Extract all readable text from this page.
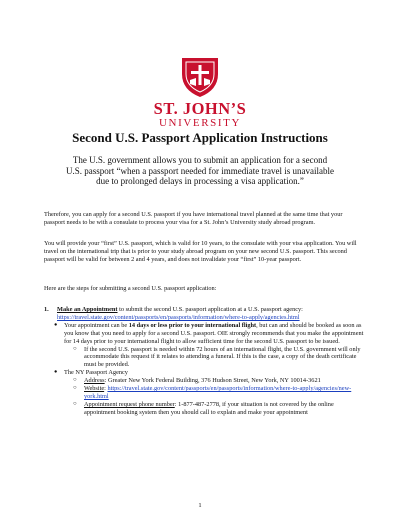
ST. JOHN’S
UNIVERSITY
Second U.S. Passport Application Instructions
The U.S. government allows you to submit an application for a second U.S. passport “when a passport needed for immediate travel is unavailable due to prolonged delays in processing a visa application.”
Therefore, you can apply for a second U.S. passport if you have international travel planned at the same time that your passport needs to be with a consulate to process your visa for a St. John’s University study abroad program.
You will provide your “first” U.S. passport, which is valid for 10 years, to the consulate with your visa application. You will travel on the international trip that is prior to your study abroad program on your new second U.S. passport. This second passport will be valid for between 2 and 4 years, and does not invalidate your “first” 10-year passport.
Here are the steps for submitting a second U.S. passport application:
1. Make an Appointment to submit the second U.S. passport application at a U.S. passport agency: https://travel.state.gov/content/passports/en/passports/information/where-to-apply/agencies.html
● Your appointment can be 14 days or less prior to your international flight, but can and should be booked as soon as you know that you need to apply for a second U.S. passport. OIE strongly recommends that you make the appointment for 14 days prior to your international flight to allow sufficient time for the second U.S. passport to be issued.
○ If the second U.S. passport is needed within 72 hours of an international flight, the U.S. government will only accommodate this request if it relates to attending a funeral. If this is the case, a copy of the death certificate must be provided.
● The NY Passport Agency
○ Address: Greater New York Federal Building, 376 Hudson Street, New York, NY 10014-3621
○ Website: https://travel.state.gov/content/passports/en/passports/information/where-to-apply/agencies/new-york.html
○ Appointment request phone number: 1-877-487-2778, if your situation is not covered by the online appointment booking system then you should call to explain and make your appointment
1
